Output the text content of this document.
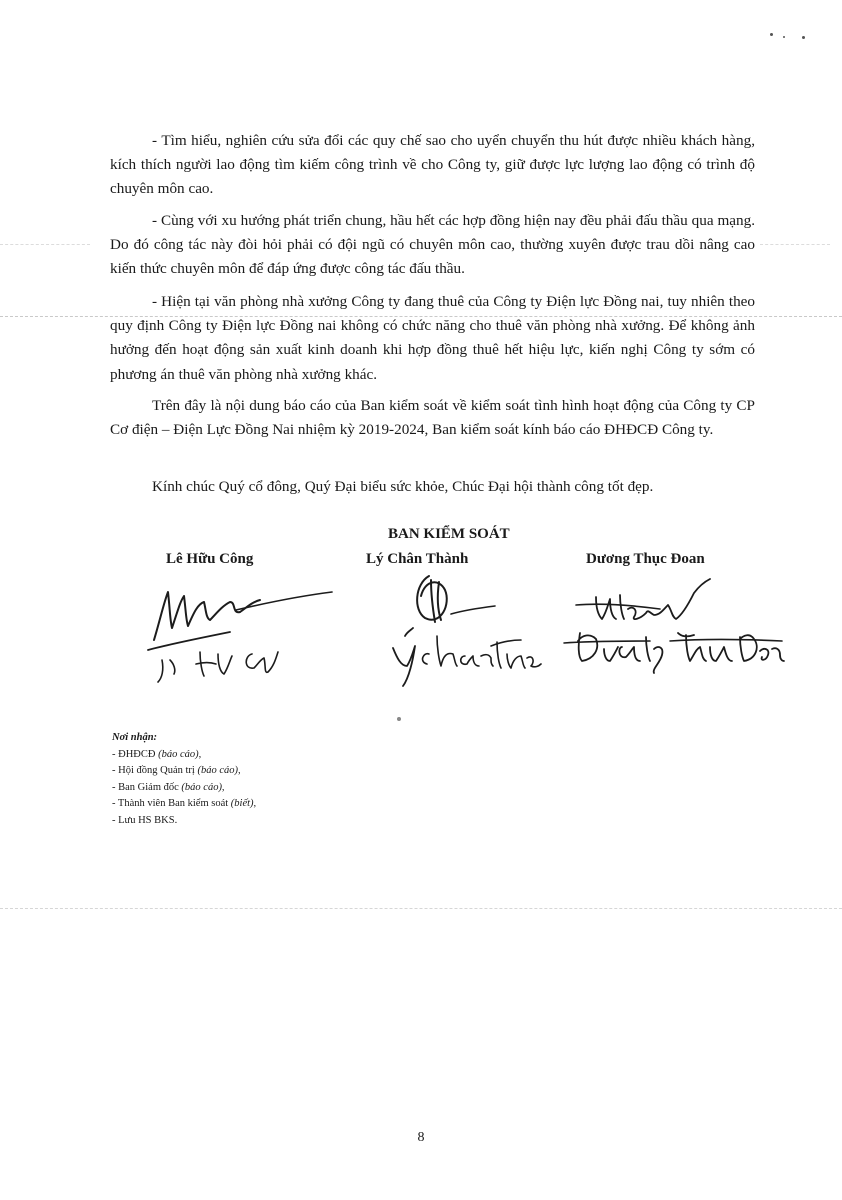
- Tìm hiểu, nghiên cứu sửa đổi các quy chế sao cho uyển chuyển thu hút được nhiều khách hàng, kích thích người lao động tìm kiếm công trình về cho Công ty, giữ được lực lượng lao động có trình độ chuyên môn cao.

- Cùng với xu hướng phát triển chung, hầu hết các hợp đồng hiện nay đều phải đấu thầu qua mạng. Do đó công tác này đòi hỏi phải có đội ngũ có chuyên môn cao, thường xuyên được trau dồi nâng cao kiến thức chuyên môn để đáp ứng được công tác đấu thầu.

- Hiện tại văn phòng nhà xưởng Công ty đang thuê của Công ty Điện lực Đồng nai, tuy nhiên theo quy định Công ty Điện lực Đồng nai không có chức năng cho thuê văn phòng nhà xưởng. Để không ảnh hưởng đến hoạt động sản xuất kinh doanh khi hợp đồng thuê hết hiệu lực, kiến nghị Công ty sớm có phương án thuê văn phòng nhà xưởng khác.

Trên đây là nội dung báo cáo của Ban kiểm soát về kiểm soát tình hình hoạt động của Công ty CP Cơ điện – Điện Lực Đồng Nai nhiệm kỳ 2019-2024, Ban kiểm soát kính báo cáo ĐHĐCĐ Công ty.

Kính chúc Quý cổ đông, Quý Đại biểu sức khỏe, Chúc Đại hội thành công tốt đẹp.

BAN KIỂM SOÁT
Lê Hữu Công	Lý Chân Thành	Dương Thục Đoan
Nơi nhận:
- ĐHĐCĐ (báo cáo),
- Hội đồng Quản trị (báo cáo),
- Ban Giám đốc (báo cáo),
- Thành viên Ban kiểm soát (biết),
- Lưu HS BKS.
8
